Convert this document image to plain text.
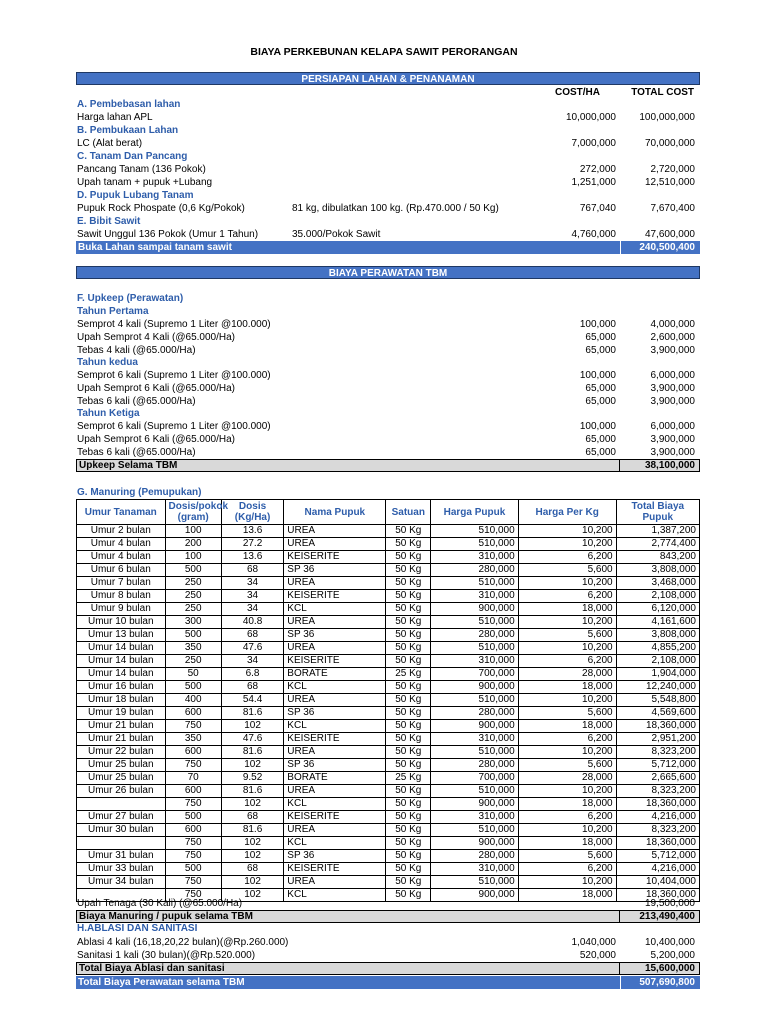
BIAYA PERKEBUNAN KELAPA SAWIT PERORANGAN
PERSIAPAN LAHAN & PENANAMAN
COST/HA	TOTAL COST
A. Pembebasan lahan
Harga lahan APL	10,000,000 100,000,000
B. Pembukaan Lahan
LC (Alat berat)	7,000,000	70,000,000
C. Tanam Dan Pancang
Pancang Tanam (136 Pokok)	272,000	2,720,000
Upah tanam + pupuk +Lubang	1,251,000	12,510,000
D. Pupuk Lubang Tanam
Pupuk Rock Phospate (0,6 Kg/Pokok)	81 kg, dibulatkan 100 kg. (Rp.470.000 / 50 Kg)	767,040	7,670,400
E. Bibit Sawit
Sawit Unggul 136 Pokok (Umur 1 Tahun)	35.000/Pokok Sawit	4,760,000	47,600,000
Buka Lahan sampai tanam sawit	240,500,400
BIAYA PERAWATAN TBM
F. Upkeep (Perawatan)
Tahun Pertama
Semprot 4 kali (Supremo 1 Liter @100.000)	100,000	4,000,000
Upah Semprot 4 Kali (@65.000/Ha)	65,000	2,600,000
Tebas 4 kali (@65.000/Ha)	65,000	3,900,000
Tahun kedua
Semprot 6 kali (Supremo 1 Liter @100.000)	100,000	6,000,000
Upah Semprot 6 Kali (@65.000/Ha)	65,000	3,900,000
Tebas 6 kali (@65.000/Ha)	65,000	3,900,000
Tahun Ketiga
Semprot 6 kali (Supremo 1 Liter @100.000)	100,000	6,000,000
Upah Semprot 6 Kali (@65.000/Ha)	65,000	3,900,000
Tebas 6 kali (@65.000/Ha)	65,000	3,900,000
Upkeep Selama TBM	38,100,000
G. Manuring (Pemupukan)
Umur Tanaman	Dosis/pokok (gram)	Dosis (Kg/Ha)	Nama Pupuk	Satuan	Harga Pupuk	Harga Per Kg	Total Biaya Pupuk
Umur 2 bulan	100	13.6	UREA	50 Kg	510,000	10,200	1,387,200
Umur 4 bulan	200	27.2	UREA	50 Kg	510,000	10,200	2,774,400
Umur 4 bulan	100	13.6	KEISERITE	50 Kg	310,000	6,200	843,200
Umur 6 bulan	500	68	SP 36	50 Kg	280,000	5,600	3,808,000
Umur 7 bulan	250	34	UREA	50 Kg	510,000	10,200	3,468,000
Umur 8 bulan	250	34	KEISERITE	50 Kg	310,000	6,200	2,108,000
Umur 9 bulan	250	34	KCL	50 Kg	900,000	18,000	6,120,000
Umur 10 bulan	300	40.8	UREA	50 Kg	510,000	10,200	4,161,600
Umur 13 bulan	500	68	SP 36	50 Kg	280,000	5,600	3,808,000
Umur 14 bulan	350	47.6	UREA	50 Kg	510,000	10,200	4,855,200
Umur 14 bulan	250	34	KEISERITE	50 Kg	310,000	6,200	2,108,000
Umur 14 bulan	50	6.8	BORATE	25 Kg	700,000	28,000	1,904,000
Umur 16 bulan	500	68	KCL	50 Kg	900,000	18,000	12,240,000
Umur 18 bulan	400	54.4	UREA	50 Kg	510,000	10,200	5,548,800
Umur 19 bulan	600	81.6	SP 36	50 Kg	280,000	5,600	4,569,600
Umur 21 bulan	750	102	KCL	50 Kg	900,000	18,000	18,360,000
Umur 21 bulan	350	47.6	KEISERITE	50 Kg	310,000	6,200	2,951,200
Umur 22 bulan	600	81.6	UREA	50 Kg	510,000	10,200	8,323,200
Umur 25 bulan	750	102	SP 36	50 Kg	280,000	5,600	5,712,000
Umur 25 bulan	70	9.52	BORATE	25 Kg	700,000	28,000	2,665,600
Umur 26 bulan	600	81.6	UREA	50 Kg	510,000	10,200	8,323,200
	750	102	KCL	50 Kg	900,000	18,000	18,360,000
Umur 27 bulan	500	68	KEISERITE	50 Kg	310,000	6,200	4,216,000
Umur 30 bulan	600	81.6	UREA	50 Kg	510,000	10,200	8,323,200
	750	102	KCL	50 Kg	900,000	18,000	18,360,000
Umur 31 bulan	750	102	SP 36	50 Kg	280,000	5,600	5,712,000
Umur 33 bulan	500	68	KEISERITE	50 Kg	310,000	6,200	4,216,000
Umur 34 bulan	750	102	UREA	50 Kg	510,000	10,200	10,404,000
	750	102	KCL	50 Kg	900,000	18,000	18,360,000
Upah Tenaga (30 Kali) (@65.000/Ha)	19,500,000
Biaya Manuring / pupuk selama TBM	213,490,400
H.ABLASI DAN SANITASI
Ablasi 4 kali (16,18,20,22 bulan)(@Rp.260.000)	1,040,000	10,400,000
Sanitasi 1 kali (30 bulan)(@Rp.520.000)	520,000	5,200,000
Total Biaya Ablasi dan sanitasi	15,600,000
Total Biaya Perawatan selama TBM	507,690,800
